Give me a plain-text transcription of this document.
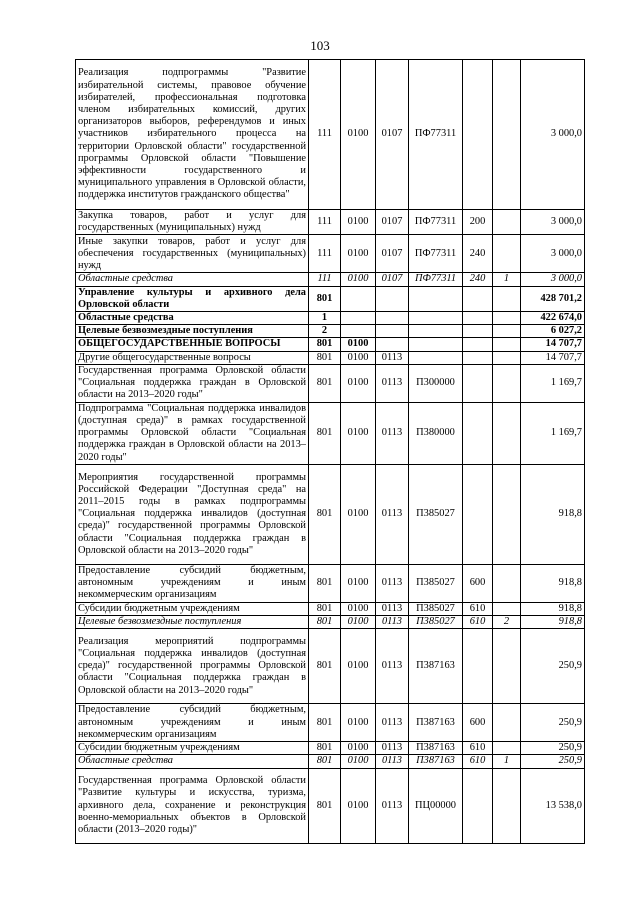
103
Реализация подпрограммы "Развитие избирательной системы, правовое обучение избирателей, профессиональная подготовка членом избирательных комиссий, других организаторов выборов, референдумов и иных участников избирательного процесса на территории Орловской области" государственной программы Орловской области "Повышение эффективности государственного и муниципального управления в Орловской области, поддержка институтов гражданского общества"	111	0100	0107	ПФ77311			3 000,0
Закупка товаров, работ и услуг для государственных (муниципальных) нужд	111	0100	0107	ПФ77311	200		3 000,0
Иные закупки товаров, работ и услуг для обеспечения государственных (муниципальных) нужд	111	0100	0107	ПФ77311	240		3 000,0
Областные средства	111	0100	0107	ПФ77311	240	1	3 000,0
Управление культуры и архивного дела Орловской области	801						428 701,2
Областные средства	1						422 674,0
Целевые безвозмездные поступления	2						6 027,2
ОБЩЕГОСУДАРСТВЕННЫЕ ВОПРОСЫ	801	0100					14 707,7
Другие общегосударственные вопросы	801	0100	0113				14 707,7
Государственная программа Орловской области "Социальная поддержка граждан в Орловской области на 2013–2020 годы"	801	0100	0113	П300000			1 169,7
Подпрограмма "Социальная поддержка инвалидов (доступная среда)" в рамках государственной программы Орловской области "Социальная поддержка граждан в Орловской области на 2013–2020 годы"	801	0100	0113	П380000			1 169,7
Мероприятия государственной программы Российской Федерации "Доступная среда" на 2011–2015 годы в рамках подпрограммы "Социальная поддержка инвалидов (доступная среда)" государственной программы Орловской области "Социальная поддержка граждан в Орловской области на 2013–2020 годы"	801	0100	0113	П385027			918,8
Предоставление субсидий бюджетным, автономным учреждениям и иным некоммерческим организациям	801	0100	0113	П385027	600		918,8
Субсидии бюджетным учреждениям	801	0100	0113	П385027	610		918,8
Целевые безвозмездные поступления	801	0100	0113	П385027	610	2	918,8
Реализация мероприятий подпрограммы "Социальная поддержка инвалидов (доступная среда)" государственной программы Орловской области "Социальная поддержка граждан в Орловской области на 2013–2020 годы"	801	0100	0113	П387163			250,9
Предоставление субсидий бюджетным, автономным учреждениям и иным некоммерческим организациям	801	0100	0113	П387163	600		250,9
Субсидии бюджетным учреждениям	801	0100	0113	П387163	610		250,9
Областные средства	801	0100	0113	П387163	610	1	250,9
Государственная программа Орловской области "Развитие культуры и искусства, туризма, архивного дела, сохранение и реконструкция военно-мемориальных объектов в Орловской области (2013–2020 годы)"	801	0100	0113	ПЦ00000			13 538,0
